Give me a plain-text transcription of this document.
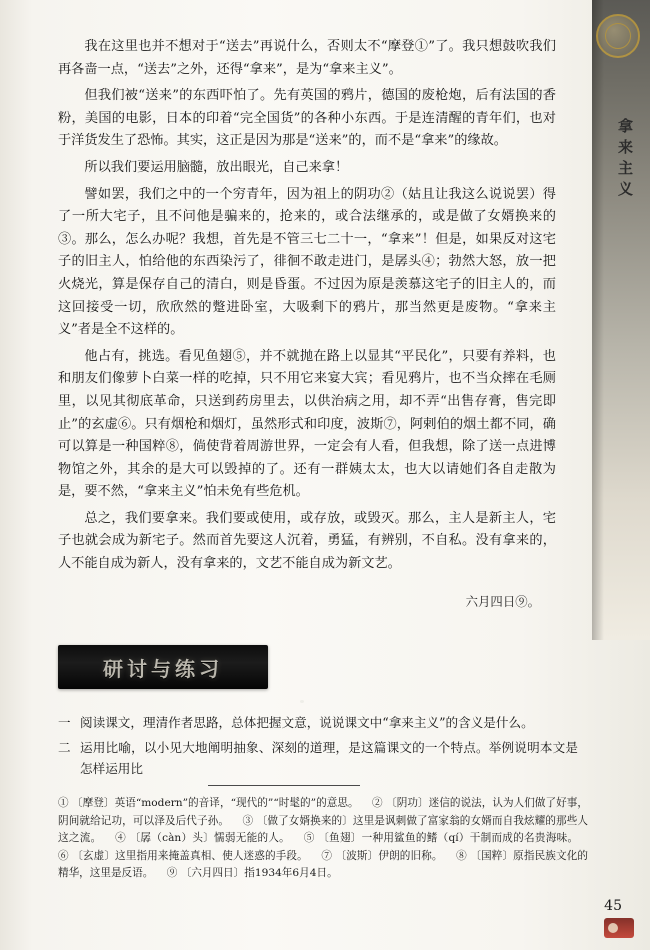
拿来主义

我在这里也并不想对于“送去”再说什么，否则太不“摩登①”了。我只想鼓吹我们再各啬一点，“送去”之外，还得“拿来”，是为“拿来主义”。

但我们被“送来”的东西吓怕了。先有英国的鸦片，德国的废枪炮，后有法国的香粉，美国的电影，日本的印着“完全国货”的各种小东西。于是连清醒的青年们，也对于洋货发生了恐怖。其实，这正是因为那是“送来”的，而不是“拿来”的缘故。

所以我们要运用脑髓，放出眼光，自己来拿！

譬如罢，我们之中的一个穷青年，因为祖上的阴功②（姑且让我这么说说罢）得了一所大宅子，且不问他是骗来的，抢来的，或合法继承的，或是做了女婿换来的③。那么，怎么办呢？我想，首先是不管三七二十一，“拿来”！但是，如果反对这宅子的旧主人，怕给他的东西染污了，徘徊不敢走进门，是孱头④；勃然大怒，放一把火烧光，算是保存自己的清白，则是昏蛋。不过因为原是羡慕这宅子的旧主人的，而这回接受一切，欣欣然的蹩进卧室，大吸剩下的鸦片，那当然更是废物。“拿来主义”者是全不这样的。

他占有，挑选。看见鱼翅⑤，并不就抛在路上以显其“平民化”，只要有养料，也和朋友们像萝卜白菜一样的吃掉，只不用它来宴大宾；看见鸦片，也不当众摔在毛厕里，以见其彻底革命，只送到药房里去，以供治病之用，却不弄“出售存膏，售完即止”的玄虚⑥。只有烟枪和烟灯，虽然形式和印度，波斯⑦，阿剌伯的烟土都不同，确可以算是一种国粹⑧，倘使背着周游世界，一定会有人看，但我想，除了送一点进博物馆之外，其余的是大可以毁掉的了。还有一群姨太太，也大以请她们各自走散为是，要不然，“拿来主义”怕未免有些危机。

总之，我们要拿来。我们要或使用，或存放，或毁灭。那么，主人是新主人，宅子也就会成为新宅子。然而首先要这人沉着，勇猛，有辨别，不自私。没有拿来的，人不能自成为新人，没有拿来的，文艺不能自成为新文艺。

六月四日⑨。

研讨与练习
一 阅读课文，理清作者思路，总体把握文意，说说课文中“拿来主义”的含义是什么。
二 运用比喻，以小见大地阐明抽象、深刻的道理，是这篇课文的一个特点。举例说明本文是怎样运用比
① 〔摩登〕英语“modern”的音译，“现代的”“时髦的”的意思。 ② 〔阴功〕迷信的说法，认为人们做了好事，阴间就给记功，可以泽及后代子孙。 ③ 〔做了女婿换来的〕这里是讽刺做了富家翁的女婿而自我炫耀的那些人这之流。 ④ 〔孱（càn）头〕懦弱无能的人。 ⑤ 〔鱼翅〕一种用鲨鱼的鳍（qí）干制而成的名贵海味。 ⑥ 〔玄虚〕这里指用来掩盖真相、使人迷惑的手段。 ⑦ 〔波斯〕伊朗的旧称。 ⑧ 〔国粹〕原指民族文化的精华，这里是反语。 ⑨ 〔六月四日〕指1934年6月4日。
45
